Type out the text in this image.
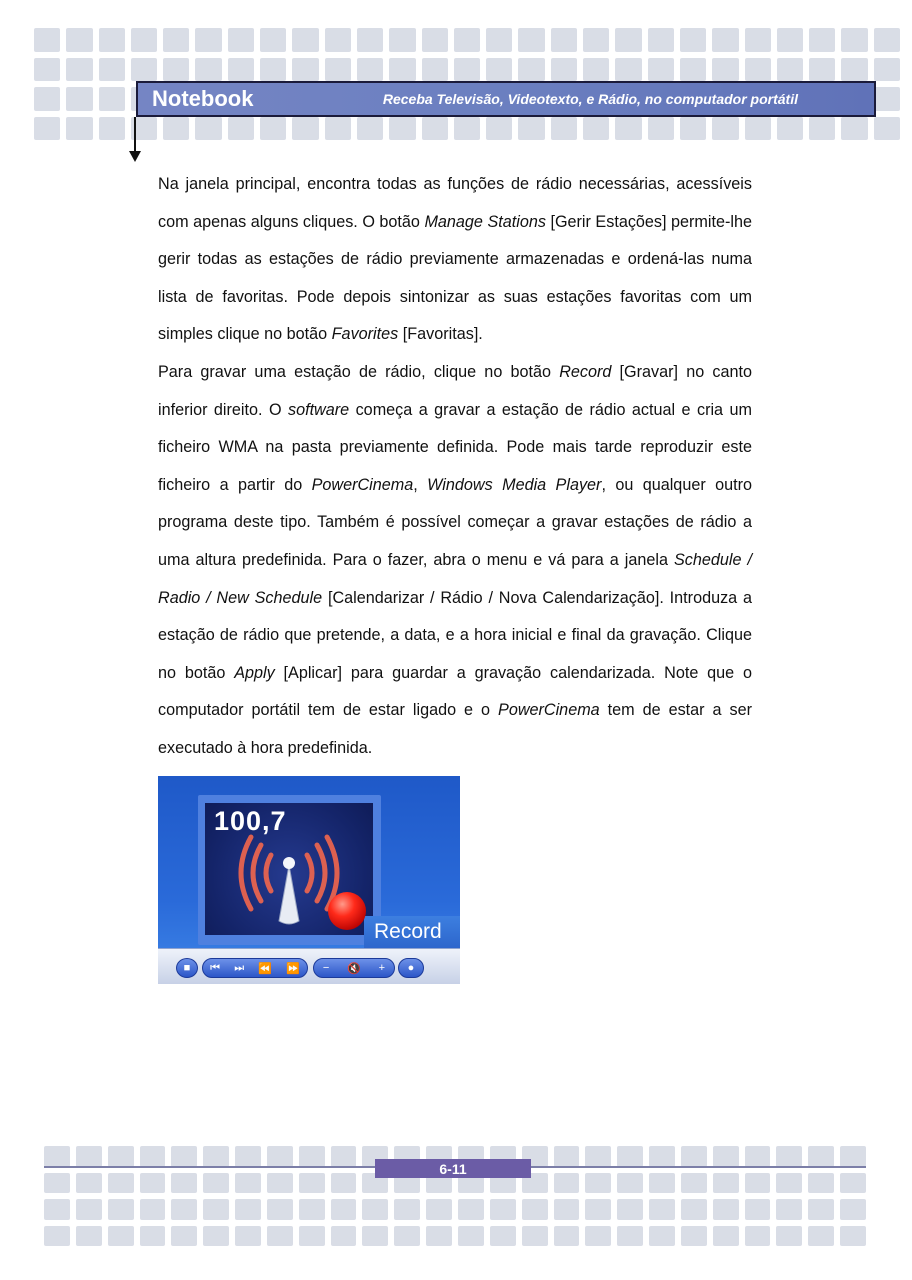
Notebook	Receba Televisão, Videotexto, e Rádio, no computador portátil

Na janela principal, encontra todas as funções de rádio necessárias, acessíveis com apenas alguns cliques. O botão Manage Stations [Gerir Estações] permite-lhe gerir todas as estações de rádio previamente armazenadas e ordená-las numa lista de favoritas. Pode depois sintonizar as suas estações favoritas com um simples clique no botão Favorites [Favoritas].

Para gravar uma estação de rádio, clique no botão Record [Gravar] no canto inferior direito. O software começa a gravar a estação de rádio actual e cria um ficheiro WMA na pasta previamente definida. Pode mais tarde reproduzir este ficheiro a partir do PowerCinema, Windows Media Player, ou qualquer outro programa deste tipo. Também é possível começar a gravar estações de rádio a uma altura predefinida. Para o fazer, abra o menu e vá para a janela Schedule / Radio / New Schedule [Calendarizar / Rádio / Nova Calendarização]. Introduza a estação de rádio que pretende, a data, e a hora inicial e final da gravação. Clique no botão Apply [Aplicar] para guardar a gravação calendarizada. Note que o computador portátil tem de estar ligado e o PowerCinema tem de estar a ser executado à hora predefinida.

100,7
Record
■ ⏮ ⏭ ⏪ ⏩ − 🔇 + ●
6-11
